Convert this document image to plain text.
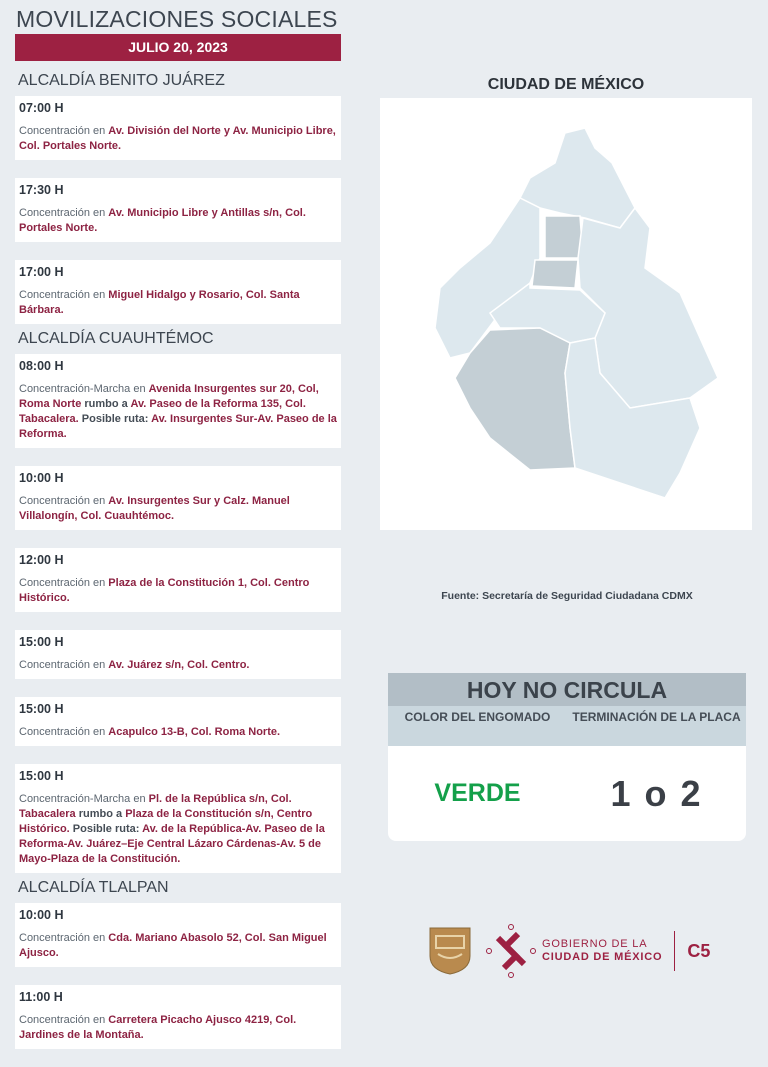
MOVILIZACIONES SOCIALES
JULIO 20, 2023
ALCALDÍA BENITO JUÁREZ
07:00 H
Concentración en Av. División del Norte y Av. Municipio Libre, Col. Portales Norte.
17:30 H
Concentración en Av. Municipio Libre y Antillas s/n, Col. Portales Norte.
17:00 H
Concentración en Miguel Hidalgo y Rosario, Col. Santa Bárbara.
ALCALDÍA CUAUHTÉMOC
08:00 H
Concentración-Marcha en Avenida Insurgentes sur 20, Col, Roma Norte rumbo a Av. Paseo de la Reforma 135, Col. Tabacalera. Posible ruta: Av. Insurgentes Sur-Av. Paseo de la Reforma.
10:00 H
Concentración en Av. Insurgentes Sur y Calz. Manuel Villalongín, Col. Cuauhtémoc.
12:00 H
Concentración en Plaza de la Constitución 1, Col. Centro Histórico.
15:00 H
Concentración en Av. Juárez s/n, Col. Centro.
15:00 H
Concentración en Acapulco 13-B, Col. Roma Norte.
15:00 H
Concentración-Marcha en Pl. de la República s/n, Col. Tabacalera rumbo a Plaza de la Constitución s/n, Centro Histórico. Posible ruta: Av. de la República-Av. Paseo de la Reforma-Av. Juárez–Eje Central Lázaro Cárdenas-Av. 5 de Mayo-Plaza de la Constitución.
ALCALDÍA TLALPAN
10:00 H
Concentración en Cda. Mariano Abasolo 52, Col. San Miguel Ajusco.
11:00 H
Concentración en Carretera Picacho Ajusco 4219, Col. Jardines de la Montaña.
CIUDAD DE MÉXICO
Fuente: Secretaría de Seguridad Ciudadana CDMX
HOY NO CIRCULA
COLOR DEL ENGOMADO	TERMINACIÓN DE LA PLACA
VERDE	1 o 2
GOBIERNO DE LA
CIUDAD DE MÉXICO C5
